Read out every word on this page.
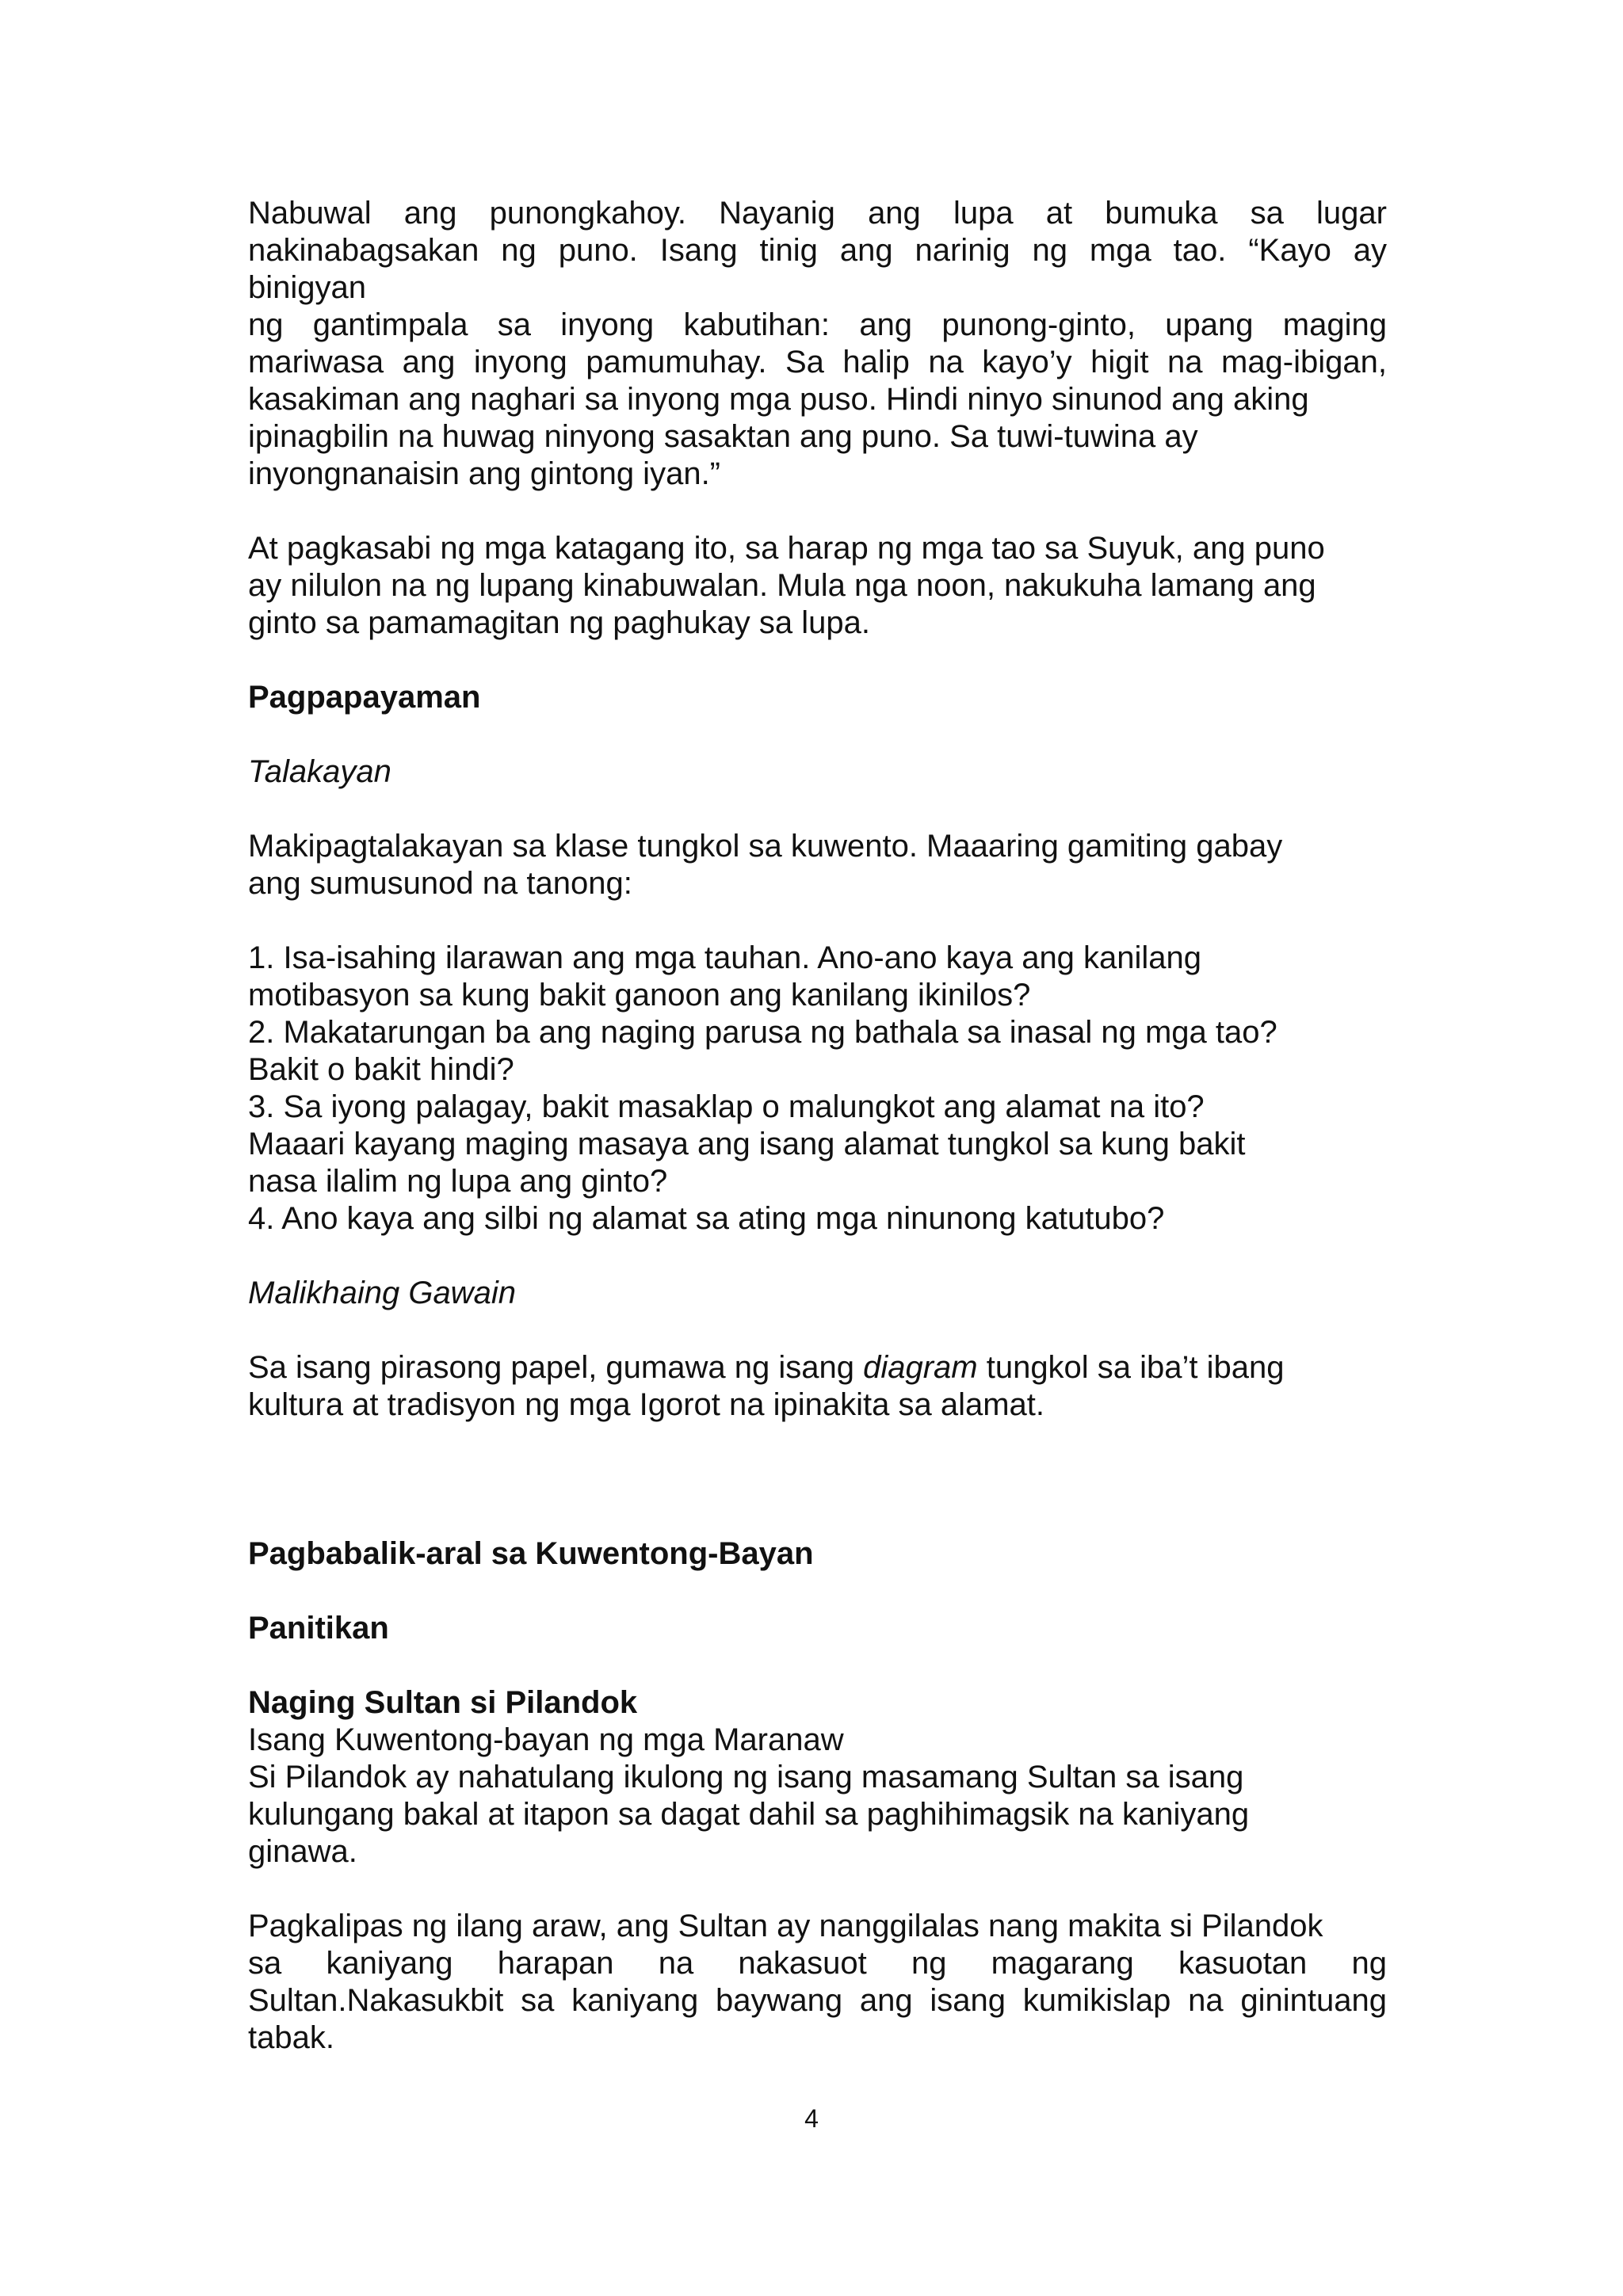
Nabuwal ang punongkahoy. Nayanig ang lupa at bumuka sa lugar
nakinabagsakan ng puno. Isang tinig ang narinig ng mga tao. “Kayo ay
binigyan
ng gantimpala sa inyong kabutihan: ang punong-ginto, upang maging
mariwasa ang inyong pamumuhay. Sa halip na kayo’y higit na mag-ibigan,
kasakiman ang naghari sa inyong mga puso. Hindi ninyo sinunod ang aking
ipinagbilin na huwag ninyong sasaktan ang puno. Sa tuwi-tuwina ay
inyongnanaisin ang gintong iyan.”

At pagkasabi ng mga katagang ito, sa harap ng mga tao sa Suyuk, ang puno
ay nilulon na ng lupang kinabuwalan. Mula nga noon, nakukuha lamang ang
ginto sa pamamagitan ng paghukay sa lupa.

Pagpapayaman

Talakayan

Makipagtalakayan sa klase tungkol sa kuwento. Maaaring gamiting gabay
ang sumusunod na tanong:

1. Isa-isahing ilarawan ang mga tauhan. Ano-ano kaya ang kanilang
motibasyon sa kung bakit ganoon ang kanilang ikinilos?
2. Makatarungan ba ang naging parusa ng bathala sa inasal ng mga tao?
Bakit o bakit hindi?
3. Sa iyong palagay, bakit masaklap o malungkot ang alamat na ito?
Maaari kayang maging masaya ang isang alamat tungkol sa kung bakit
nasa ilalim ng lupa ang ginto?
4. Ano kaya ang silbi ng alamat sa ating mga ninunong katutubo?

Malikhaing Gawain

Sa isang pirasong papel, gumawa ng isang diagram tungkol sa iba’t ibang
kultura at tradisyon ng mga Igorot na ipinakita sa alamat.

Pagbabalik-aral sa Kuwentong-Bayan

Panitikan

Naging Sultan si Pilandok
Isang Kuwentong-bayan ng mga Maranaw
Si Pilandok ay nahatulang ikulong ng isang masamang Sultan sa isang
kulungang bakal at itapon sa dagat dahil sa paghihimagsik na kaniyang
ginawa.

Pagkalipas ng ilang araw, ang Sultan ay nanggilalas nang makita si Pilandok
sa kaniyang harapan na nakasuot ng magarang kasuotan ng
Sultan.Nakasukbit sa kaniyang baywang ang isang kumikislap na ginintuang
tabak.

4
